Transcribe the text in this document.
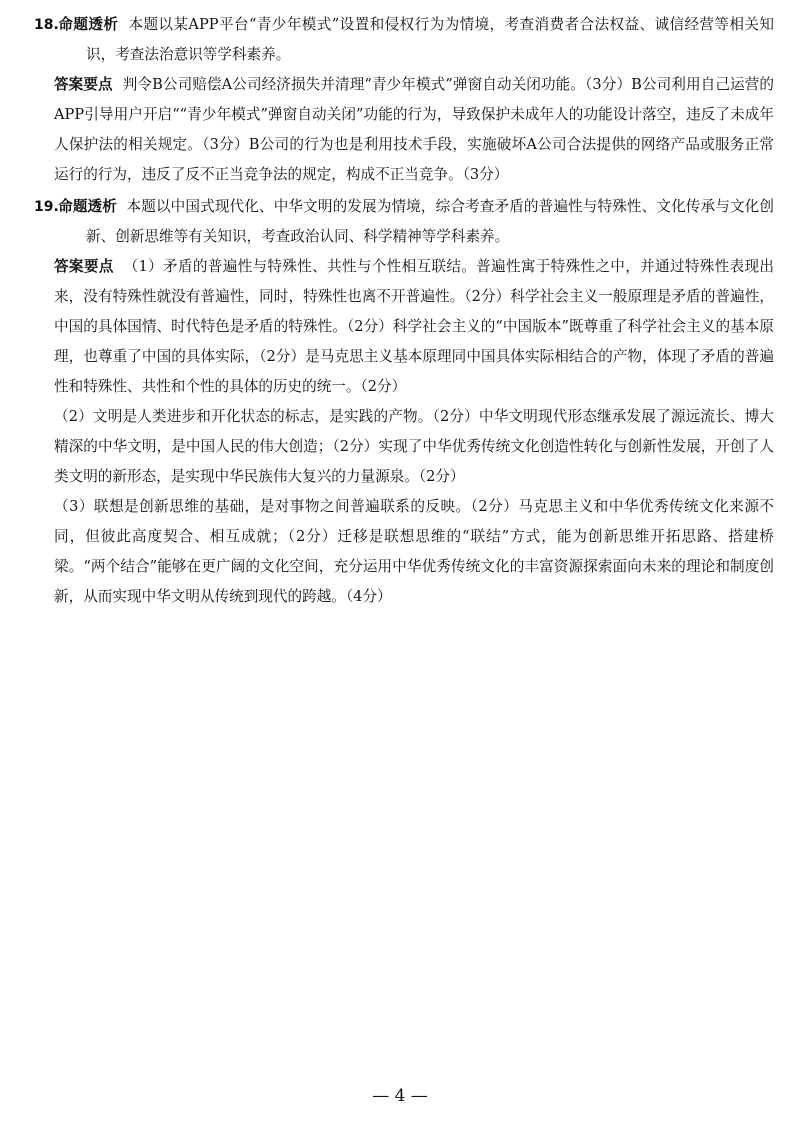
18.命题透析 本题以某APP平台“青少年模式”设置和侵权行为为情境，考查消费者合法权益、诚信经营等相关知识，考查法治意识等学科素养。

答案要点 判令B公司赔偿A公司经济损失并清理“青少年模式”弹窗自动关闭功能。（3分）B公司利用自己运营的APP引导用户开启““青少年模式”弹窗自动关闭”功能的行为，导致保护未成年人的功能设计落空，违反了未成年人保护法的相关规定。（3分）B公司的行为也是利用技术手段，实施破坏A公司合法提供的网络产品或服务正常运行的行为，违反了反不正当竞争法的规定，构成不正当竞争。（3分）

19.命题透析 本题以中国式现代化、中华文明的发展为情境，综合考查矛盾的普遍性与特殊性、文化传承与文化创新、创新思维等有关知识，考查政治认同、科学精神等学科素养。

答案要点 （1）矛盾的普遍性与特殊性、共性与个性相互联结。普遍性寓于特殊性之中，并通过特殊性表现出来，没有特殊性就没有普遍性，同时，特殊性也离不开普遍性。（2分）科学社会主义一般原理是矛盾的普遍性，中国的具体国情、时代特色是矛盾的特殊性。（2分）科学社会主义的“中国版本”既尊重了科学社会主义的基本原理，也尊重了中国的具体实际，（2分）是马克思主义基本原理同中国具体实际相结合的产物，体现了矛盾的普遍性和特殊性、共性和个性的具体的历史的统一。（2分）

（2）文明是人类进步和开化状态的标志，是实践的产物。（2分）中华文明现代形态继承发展了源远流长、博大精深的中华文明，是中国人民的伟大创造；（2分）实现了中华优秀传统文化创造性转化与创新性发展，开创了人类文明的新形态，是实现中华民族伟大复兴的力量源泉。（2分）

（3）联想是创新思维的基础，是对事物之间普遍联系的反映。（2分）马克思主义和中华优秀传统文化来源不同，但彼此高度契合、相互成就；（2分）迁移是联想思维的“联结”方式，能为创新思维开拓思路、搭建桥梁。“两个结合”能够在更广阔的文化空间，充分运用中华优秀传统文化的丰富资源探索面向未来的理论和制度创新，从而实现中华文明从传统到现代的跨越。（4分）

— 4 —
